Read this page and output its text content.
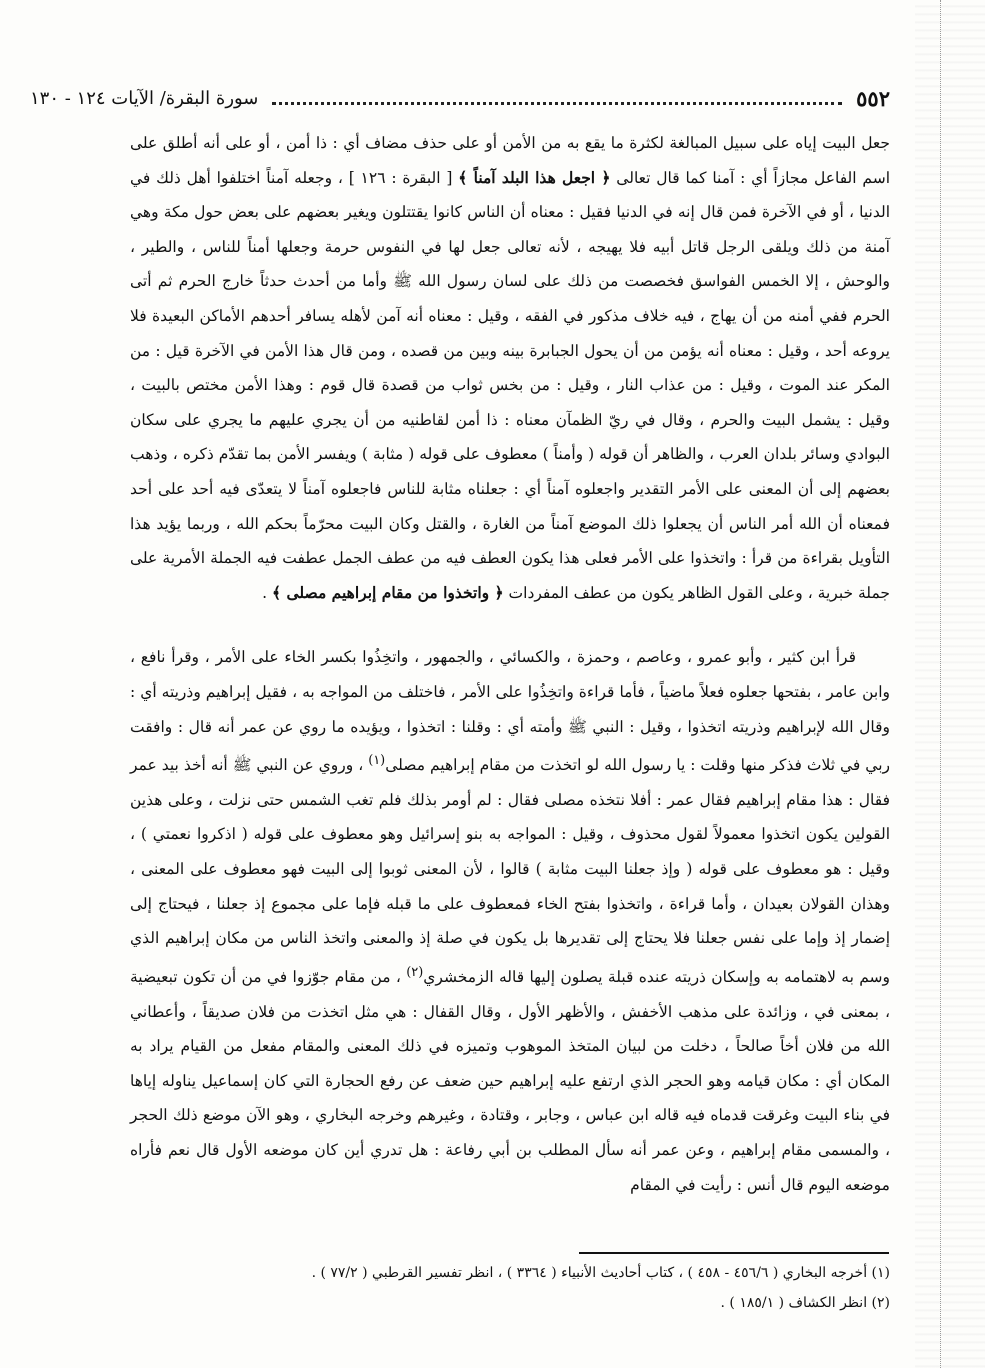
٥٥٢
سورة البقرة/ الآيات ١٢٤ - ١٣٠

جعل البيت إياه على سبيل المبالغة لكثرة ما يقع به من الأمن أو على حذف مضاف أي : ذا أمن ، أو على أنه أطلق على اسم الفاعل مجازاً أي : آمنا كما قال تعالى ﴿ اجعل هذا البلد آمناً ﴾ [ البقرة : ١٢٦ ] ، وجعله آمناً اختلفوا أهل ذلك في الدنيا ، أو في الآخرة فمن قال إنه في الدنيا فقيل : معناه أن الناس كانوا يقتتلون ويغير بعضهم على بعض حول مكة وهي آمنة من ذلك ويلقى الرجل قاتل أبيه فلا يهيجه ، لأنه تعالى جعل لها في النفوس حرمة وجعلها أمناً للناس ، والطير ، والوحش ، إلا الخمس الفواسق فخصصت من ذلك على لسان رسول الله ﷺ وأما من أحدث حدثاً خارج الحرم ثم أتى الحرم ففي أمنه من أن يهاج ، فيه خلاف مذكور في الفقه ، وقيل : معناه أنه آمن لأهله يسافر أحدهم الأماكن البعيدة فلا يروعه أحد ، وقيل : معناه أنه يؤمن من أن يحول الجبابرة بينه وبين من قصده ، ومن قال هذا الأمن في الآخرة قيل : من المكر عند الموت ، وقيل : من عذاب النار ، وقيل : من بخس ثواب من قصدة قال قوم : وهذا الأمن مختص بالبيت ، وقيل : يشمل البيت والحرم ، وقال في ريّ الظمآن معناه : ذا أمن لقاطنيه من أن يجري عليهم ما يجري على سكان البوادي وسائر بلدان العرب ، والظاهر أن قوله ( وأمناً ) معطوف على قوله ( مثابة ) ويفسر الأمن بما تقدّم ذكره ، وذهب بعضهم إلى أن المعنى على الأمر التقدير واجعلوه آمناً أي : جعلناه مثابة للناس فاجعلوه آمناً لا يتعدّى فيه أحد على أحد فمعناه أن الله أمر الناس أن يجعلوا ذلك الموضع آمناً من الغارة ، والقتل وكان البيت محرّماً بحكم الله ، وربما يؤيد هذا التأويل بقراءة من قرأ : واتخذوا على الأمر فعلى هذا يكون العطف فيه من عطف الجمل عطفت فيه الجملة الأمرية على جملة خبرية ، وعلى القول الظاهر يكون من عطف المفردات ﴿ واتخذوا من مقام إبراهيم مصلى ﴾ .

قرأ ابن كثير ، وأبو عمرو ، وعاصم ، وحمزة ، والكسائي ، والجمهور ، واتخِذُوا بكسر الخاء على الأمر ، وقرأ نافع ، وابن عامر ، بفتحها جعلوه فعلاً ماضياً ، فأما قراءة واتخِذُوا على الأمر ، فاختلف من المواجه به ، فقيل إبراهيم وذريته أي : وقال الله لإبراهيم وذريته اتخذوا ، وقيل : النبي ﷺ وأمته أي : وقلنا : اتخذوا ، ويؤيده ما روي عن عمر أنه قال : وافقت ربي في ثلاث فذكر منها وقلت : يا رسول الله لو اتخذت من مقام إبراهيم مصلى$^{(١)}$ ، وروي عن النبي ﷺ أنه أخذ بيد عمر فقال : هذا مقام إبراهيم فقال عمر : أفلا نتخذه مصلى فقال : لم أومر بذلك فلم تغب الشمس حتى نزلت ، وعلى هذين القولين يكون اتخذوا معمولاً لقول محذوف ، وقيل : المواجه به بنو إسرائيل وهو معطوف على قوله ( اذكروا نعمتي ) ، وقيل : هو معطوف على قوله ( وإذ جعلنا البيت مثابة ) قالوا ، لأن المعنى ثوبوا إلى البيت فهو معطوف على المعنى ، وهذان القولان بعيدان ، وأما قراءة ، واتخذوا بفتح الخاء فمعطوف على ما قبله فإما على مجموع إذ جعلنا ، فيحتاج إلى إضمار إذ وإما على نفس جعلنا فلا يحتاج إلى تقديرها بل يكون في صلة إذ والمعنى واتخذ الناس من مكان إبراهيم الذي وسم به لاهتمامه به وإسكان ذريته عنده قبلة يصلون إليها قاله الزمخشري$^{(٢)}$ ، من مقام جوّزوا في من أن تكون تبعيضية ، بمعنى في ، وزائدة على مذهب الأخفش ، والأظهر الأول ، وقال القفال : هي مثل اتخذت من فلان صديقاً ، وأعطاني الله من فلان أخاً صالحاً ، دخلت من لبيان المتخذ الموهوب وتميزه في ذلك المعنى والمقام مفعل من القيام يراد به المكان أي : مكان قيامه وهو الحجر الذي ارتفع عليه إبراهيم حين ضعف عن رفع الحجارة التي كان إسماعيل يناوله إياها في بناء البيت وغرقت قدماه فيه قاله ابن عباس ، وجابر ، وقتادة ، وغيرهم وخرجه البخاري ، وهو الآن موضع ذلك الحجر ، والمسمى مقام إبراهيم ، وعن عمر أنه سأل المطلب بن أبي رفاعة : هل تدري أين كان موضعه الأول قال نعم فأراه موضعه اليوم قال أنس : رأيت في المقام

(١) أخرجه البخاري ( ٤٥٦/٦ - ٤٥٨ ) ، كتاب أحاديث الأنبياء ( ٣٣٦٤ ) ، انظر تفسير القرطبي ( ٧٧/٢ ) .

(٢) انظر الكشاف ( ١٨٥/١ ) .
